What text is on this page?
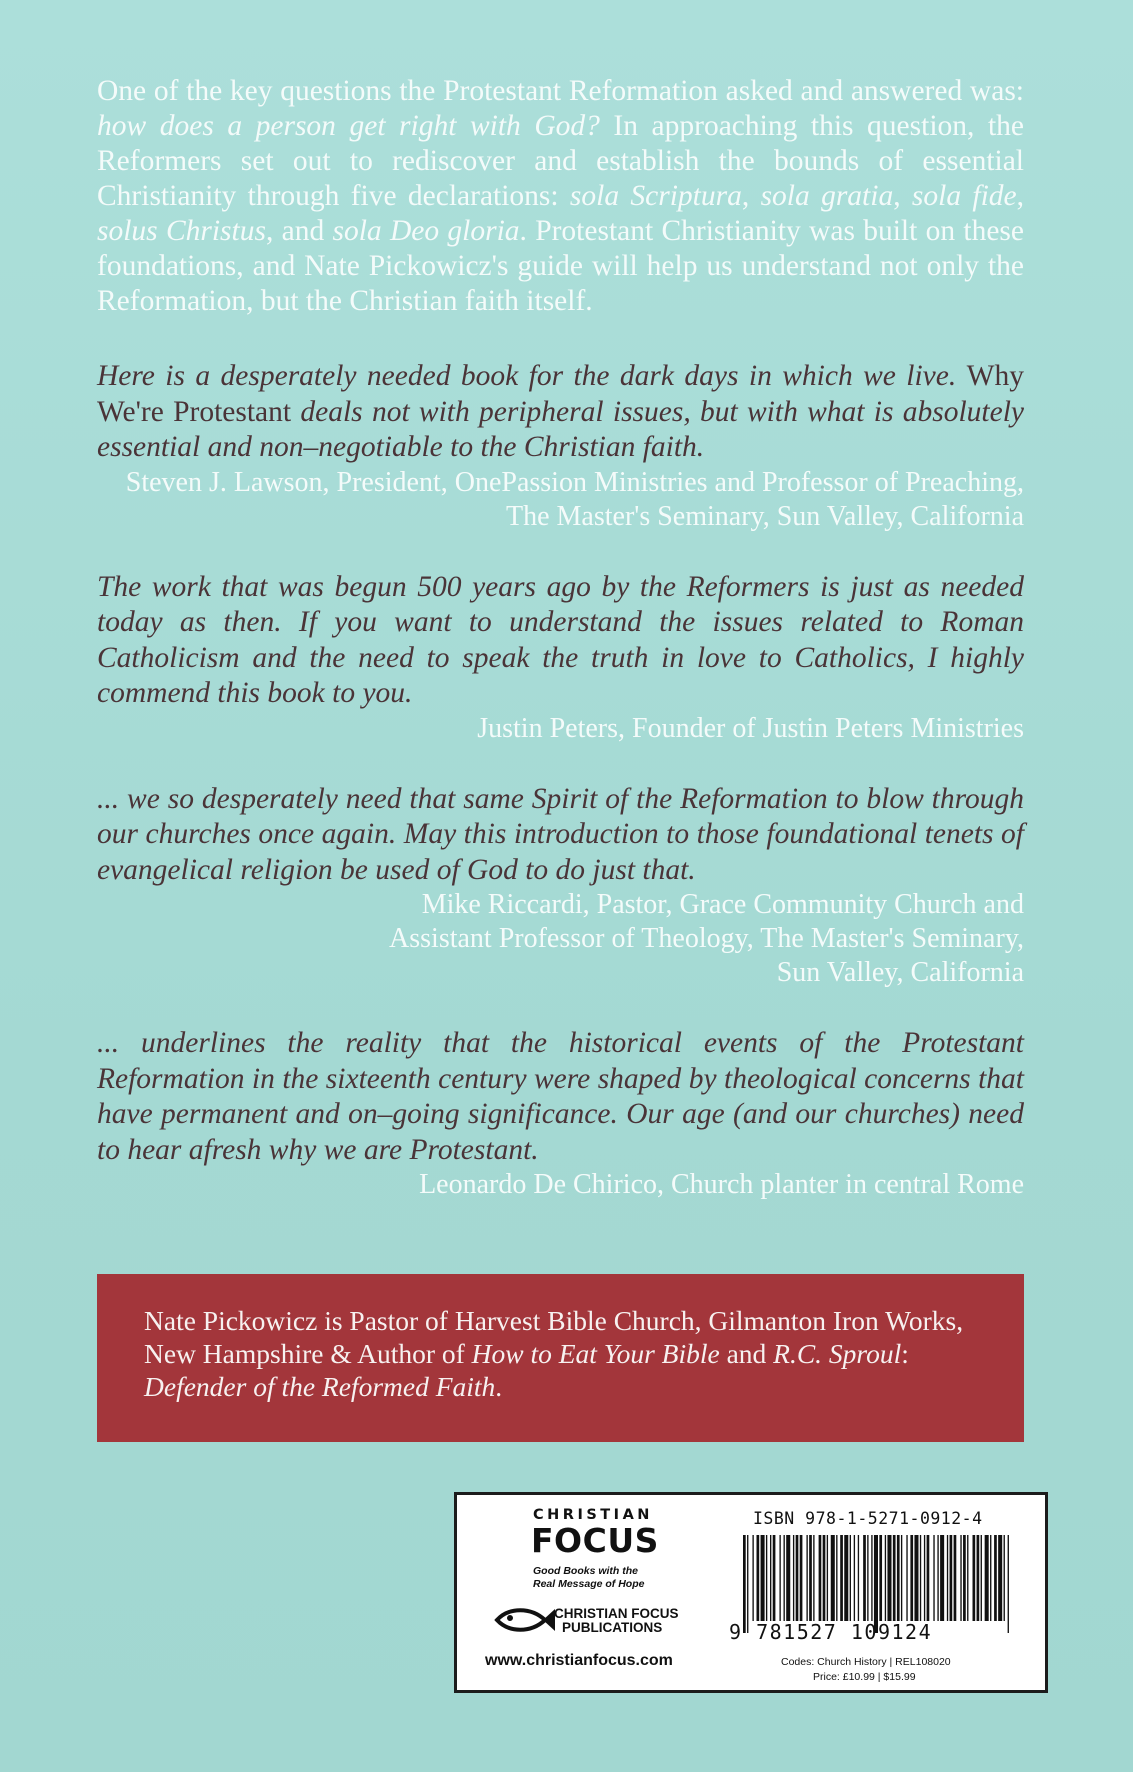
One of the key questions the Protestant Reformation asked and answered was: how does a person get right with God? In approaching this question, the Reformers set out to rediscover and establish the bounds of essential Christianity through five declarations: sola Scriptura, sola gratia, sola fide, solus Christus, and sola Deo gloria. Protestant Christianity was built on these foundations, and Nate Pickowicz's guide will help us understand not only the Reformation, but the Christian faith itself.

Here is a desperately needed book for the dark days in which we live. Why We're Protestant deals not with peripheral issues, but with what is absolutely essential and non–negotiable to the Christian faith.

Steven J. Lawson, President, OnePassion Ministries and Professor of Preaching, The Master's Seminary, Sun Valley, California

The work that was begun 500 years ago by the Reformers is just as needed today as then. If you want to understand the issues related to Roman Catholicism and the need to speak the truth in love to Catholics, I highly commend this book to you.

Justin Peters, Founder of Justin Peters Ministries

... we so desperately need that same Spirit of the Reformation to blow through our churches once again. May this introduction to those foundational tenets of evangelical religion be used of God to do just that.

Mike Riccardi, Pastor, Grace Community Church and

Assistant Professor of Theology, The Master's Seminary,

Sun Valley, California

... underlines the reality that the historical events of the Protestant Reformation in the sixteenth century were shaped by theological concerns that have permanent and on–going significance. Our age (and our churches) need to hear afresh why we are Protestant.

Leonardo De Chirico, Church planter in central Rome

Nate Pickowicz is Pastor of Harvest Bible Church, Gilmanton Iron Works, New Hampshire & Author of How to Eat Your Bible and R.C. Sproul: Defender of the Reformed Faith.
CHRISTIAN
FOCUS
Good Books with the
Real Message of Hope
CHRISTIAN FOCUS
PUBLICATIONS
www.christianfocus.com
ISBN 978-1-5271-0912-4
9 781527 109124
Codes: Church History | REL108020
Price: £10.99 | $15.99
